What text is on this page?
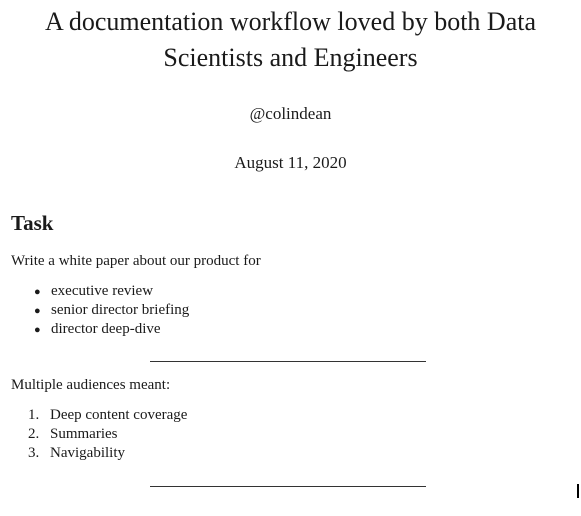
A documentation workflow loved by both Data
Scientists and Engineers
@colindean
August 11, 2020
Task
Write a white paper about our product for
● executive review
● senior director briefing
● director deep-dive
Multiple audiences meant:
1. Deep content coverage
2. Summaries
3. Navigability
